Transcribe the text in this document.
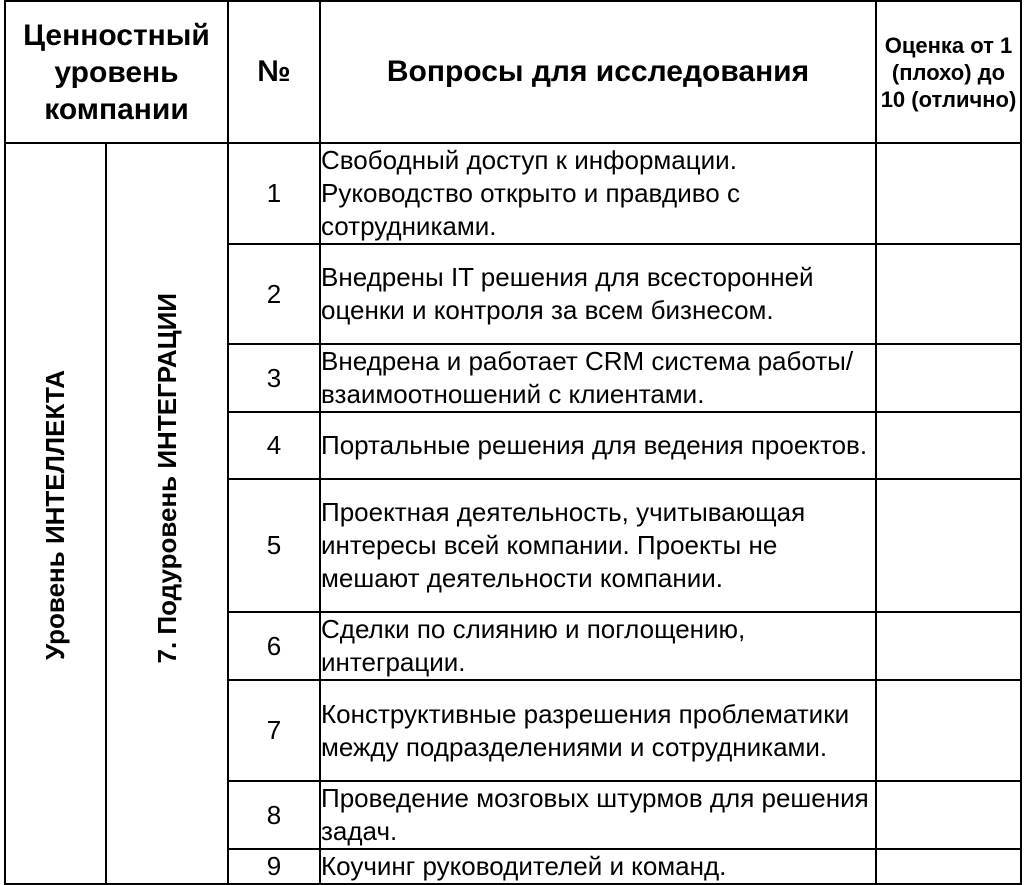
Ценностный уровень компании		№	Вопросы для исследования	Оценка от 1 (плохо) до 10 (отлично)
Уровень ИНТЕЛЛЕКТА	7. Подуровень ИНТЕГРАЦИИ	1	Свободный доступ к информации. Руководство открыто и правдиво с сотрудниками.	
		2	Внедрены IT решения для всесторонней оценки и контроля за всем бизнесом.	
		3	Внедрена и работает CRM система работы/взаимоотношений с клиентами.	
		4	Портальные решения для ведения проектов.	
		5	Проектная деятельность, учитывающая интересы всей компании. Проекты не мешают деятельности компании.	
		6	Сделки по слиянию и поглощению, интеграции.	
		7	Конструктивные разрешения проблематики между подразделениями и сотрудниками.	
		8	Проведение мозговых штурмов для решения задач.	
		9	Коучинг руководителей и команд.	
